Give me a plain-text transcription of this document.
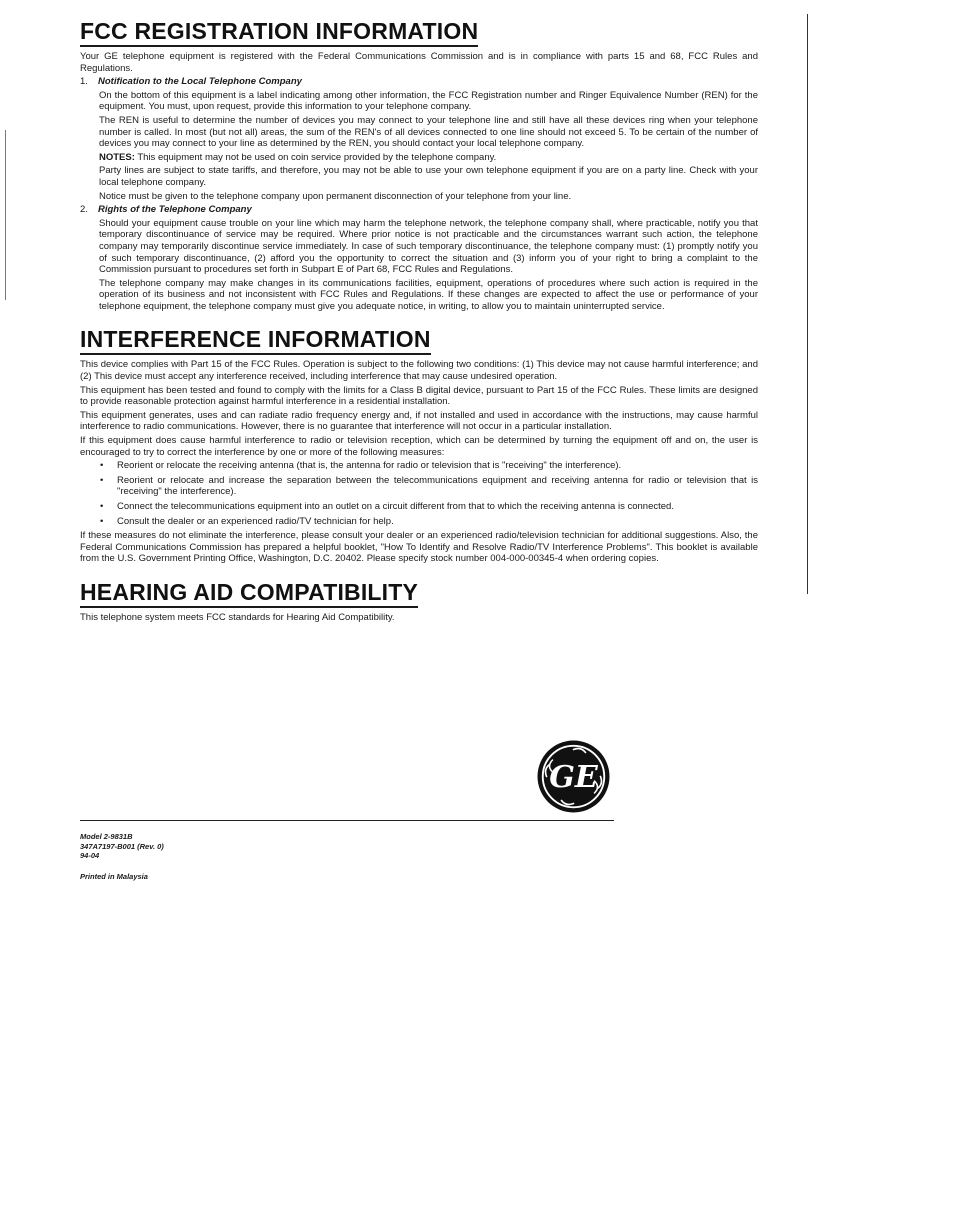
FCC REGISTRATION INFORMATION

Your GE telephone equipment is registered with the Federal Communications Commission and is in compliance with parts 15 and 68, FCC Rules and Regulations.

1. Notification to the Local Telephone Company

On the bottom of this equipment is a label indicating among other information, the FCC Registration number and Ringer Equivalence Number (REN) for the equipment. You must, upon request, provide this information to your telephone company.

The REN is useful to determine the number of devices you may connect to your telephone line and still have all these devices ring when your telephone number is called. In most (but not all) areas, the sum of the REN's of all devices connected to one line should not exceed 5. To be certain of the number of devices you may connect to your line as determined by the REN, you should contact your local telephone company.

NOTES: This equipment may not be used on coin service provided by the telephone company.

Party lines are subject to state tariffs, and therefore, you may not be able to use your own telephone equipment if you are on a party line. Check with your local telephone company.

Notice must be given to the telephone company upon permanent disconnection of your telephone from your line.

2. Rights of the Telephone Company

Should your equipment cause trouble on your line which may harm the telephone network, the telephone company shall, where practicable, notify you that temporary discontinuance of service may be required. Where prior notice is not practicable and the circumstances warrant such action, the telephone company may temporarily discontinue service immediately. In case of such temporary discontinuance, the telephone company must: (1) promptly notify you of such temporary discontinuance, (2) afford you the opportunity to correct the situation and (3) inform you of your right to bring a complaint to the Commission pursuant to procedures set forth in Subpart E of Part 68, FCC Rules and Regulations.

The telephone company may make changes in its communications facilities, equipment, operations of procedures where such action is required in the operation of its business and not inconsistent with FCC Rules and Regulations. If these changes are expected to affect the use or performance of your telephone equipment, the telephone company must give you adequate notice, in writing, to allow you to maintain uninterrupted service.

INTERFERENCE INFORMATION

This device complies with Part 15 of the FCC Rules. Operation is subject to the following two conditions: (1) This device may not cause harmful interference; and (2) This device must accept any interference received, including interference that may cause undesired operation.

This equipment has been tested and found to comply with the limits for a Class B digital device, pursuant to Part 15 of the FCC Rules. These limits are designed to provide reasonable protection against harmful interference in a residential installation.

This equipment generates, uses and can radiate radio frequency energy and, if not installed and used in accordance with the instructions, may cause harmful interference to radio communications. However, there is no guarantee that interference will not occur in a particular installation.

If this equipment does cause harmful interference to radio or television reception, which can be determined by turning the equipment off and on, the user is encouraged to try to correct the interference by one or more of the following measures:

• Reorient or relocate the receiving antenna (that is, the antenna for radio or television that is "receiving" the interference).
• Reorient or relocate and increase the separation between the telecommunications equipment and receiving antenna for radio or television that is "receiving" the interference).
• Connect the telecommunications equipment into an outlet on a circuit different from that to which the receiving antenna is connected.
• Consult the dealer or an experienced radio/TV technician for help.

If these measures do not eliminate the interference, please consult your dealer or an experienced radio/television technician for additional suggestions. Also, the Federal Communications Commission has prepared a helpful booklet, "How To Identify and Resolve Radio/TV Interference Problems". This booklet is available from the U.S. Government Printing Office, Washington, D.C. 20402. Please specify stock number 004-000-00345-4 when ordering copies.

HEARING AID COMPATIBILITY

This telephone system meets FCC standards for Hearing Aid Compatibility.

GE
Model 2-9831B
347A7197-B001 (Rev. 0)
94-04
Printed in Malaysia
